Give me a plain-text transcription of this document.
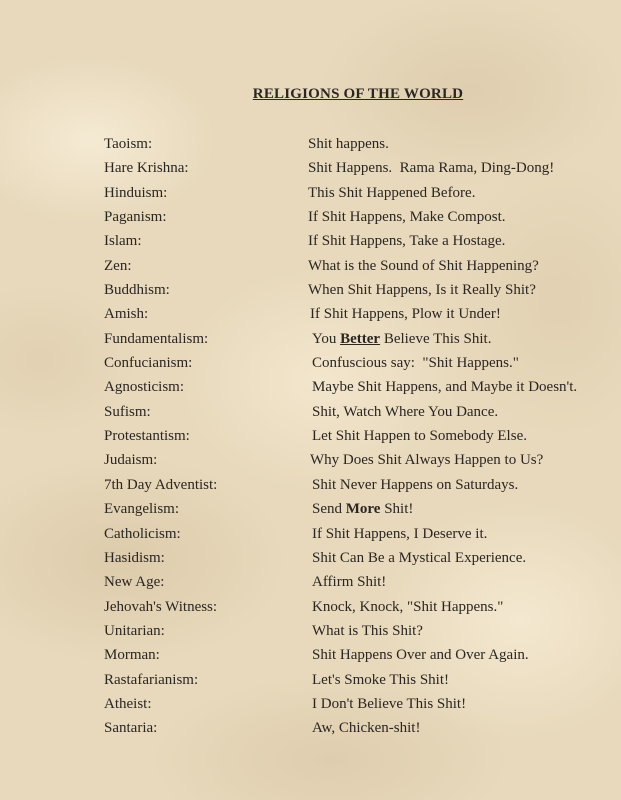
RELIGIONS OF THE WORLD
Taoism:	Shit happens.
Hare Krishna:	Shit Happens.  Rama Rama, Ding-Dong!
Hinduism:	This Shit Happened Before.
Paganism:	If Shit Happens, Make Compost.
Islam:	If Shit Happens, Take a Hostage.
Zen:	What is the Sound of Shit Happening?
Buddhism:	When Shit Happens, Is it Really Shit?
Amish:	If Shit Happens, Plow it Under!
Fundamentalism:	You Better Believe This Shit.
Confucianism:	Confuscious say:  "Shit Happens."
Agnosticism:	Maybe Shit Happens, and Maybe it Doesn't.
Sufism:	Shit, Watch Where You Dance.
Protestantism:	Let Shit Happen to Somebody Else.
Judaism:	Why Does Shit Always Happen to Us?
7th Day Adventist:	Shit Never Happens on Saturdays.
Evangelism:	Send More Shit!
Catholicism:	If Shit Happens, I Deserve it.
Hasidism:	Shit Can Be a Mystical Experience.
New Age:	Affirm Shit!
Jehovah's Witness:	Knock, Knock, "Shit Happens."
Unitarian:	What is This Shit?
Morman:	Shit Happens Over and Over Again.
Rastafarianism:	Let's Smoke This Shit!
Atheist:	I Don't Believe This Shit!
Santaria:	Aw, Chicken-shit!
